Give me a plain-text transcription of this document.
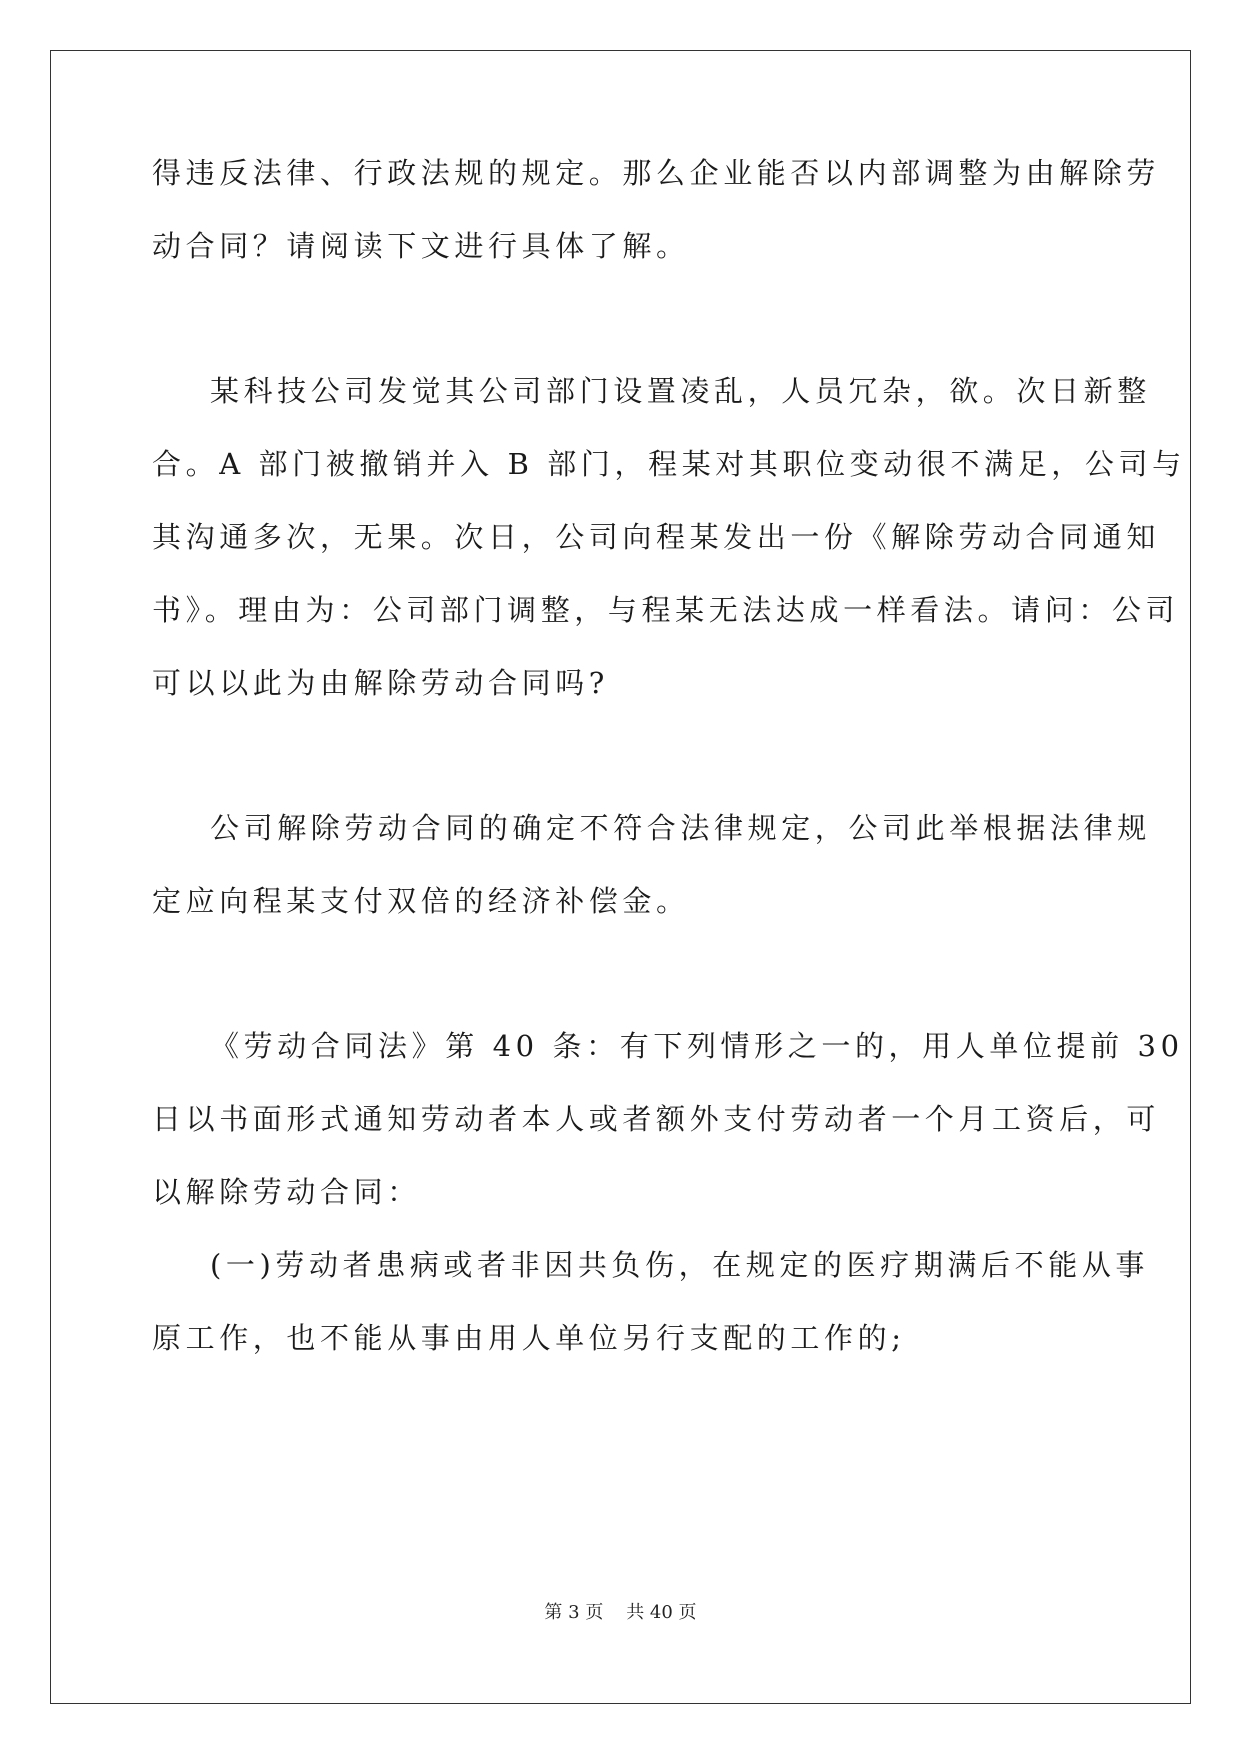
得违反法律、行政法规的规定。那么企业能否以内部调整为由解除劳
动合同？请阅读下文进行具体了解。
某科技公司发觉其公司部门设置凌乱，人员冗杂，欲。次日新整
合。A 部门被撤销并入 B 部门，程某对其职位变动很不满足，公司与
其沟通多次，无果。次日，公司向程某发出一份《解除劳动合同通知
书》。理由为：公司部门调整，与程某无法达成一样看法。请问：公司
可以以此为由解除劳动合同吗?
公司解除劳动合同的确定不符合法律规定，公司此举根据法律规
定应向程某支付双倍的经济补偿金。
《劳动合同法》第 40 条：有下列情形之一的，用人单位提前 30
日以书面形式通知劳动者本人或者额外支付劳动者一个月工资后，可
以解除劳动合同：
(一)劳动者患病或者非因共负伤，在规定的医疗期满后不能从事
原工作，也不能从事由用人单位另行支配的工作的;
第 3 页    共 40 页
